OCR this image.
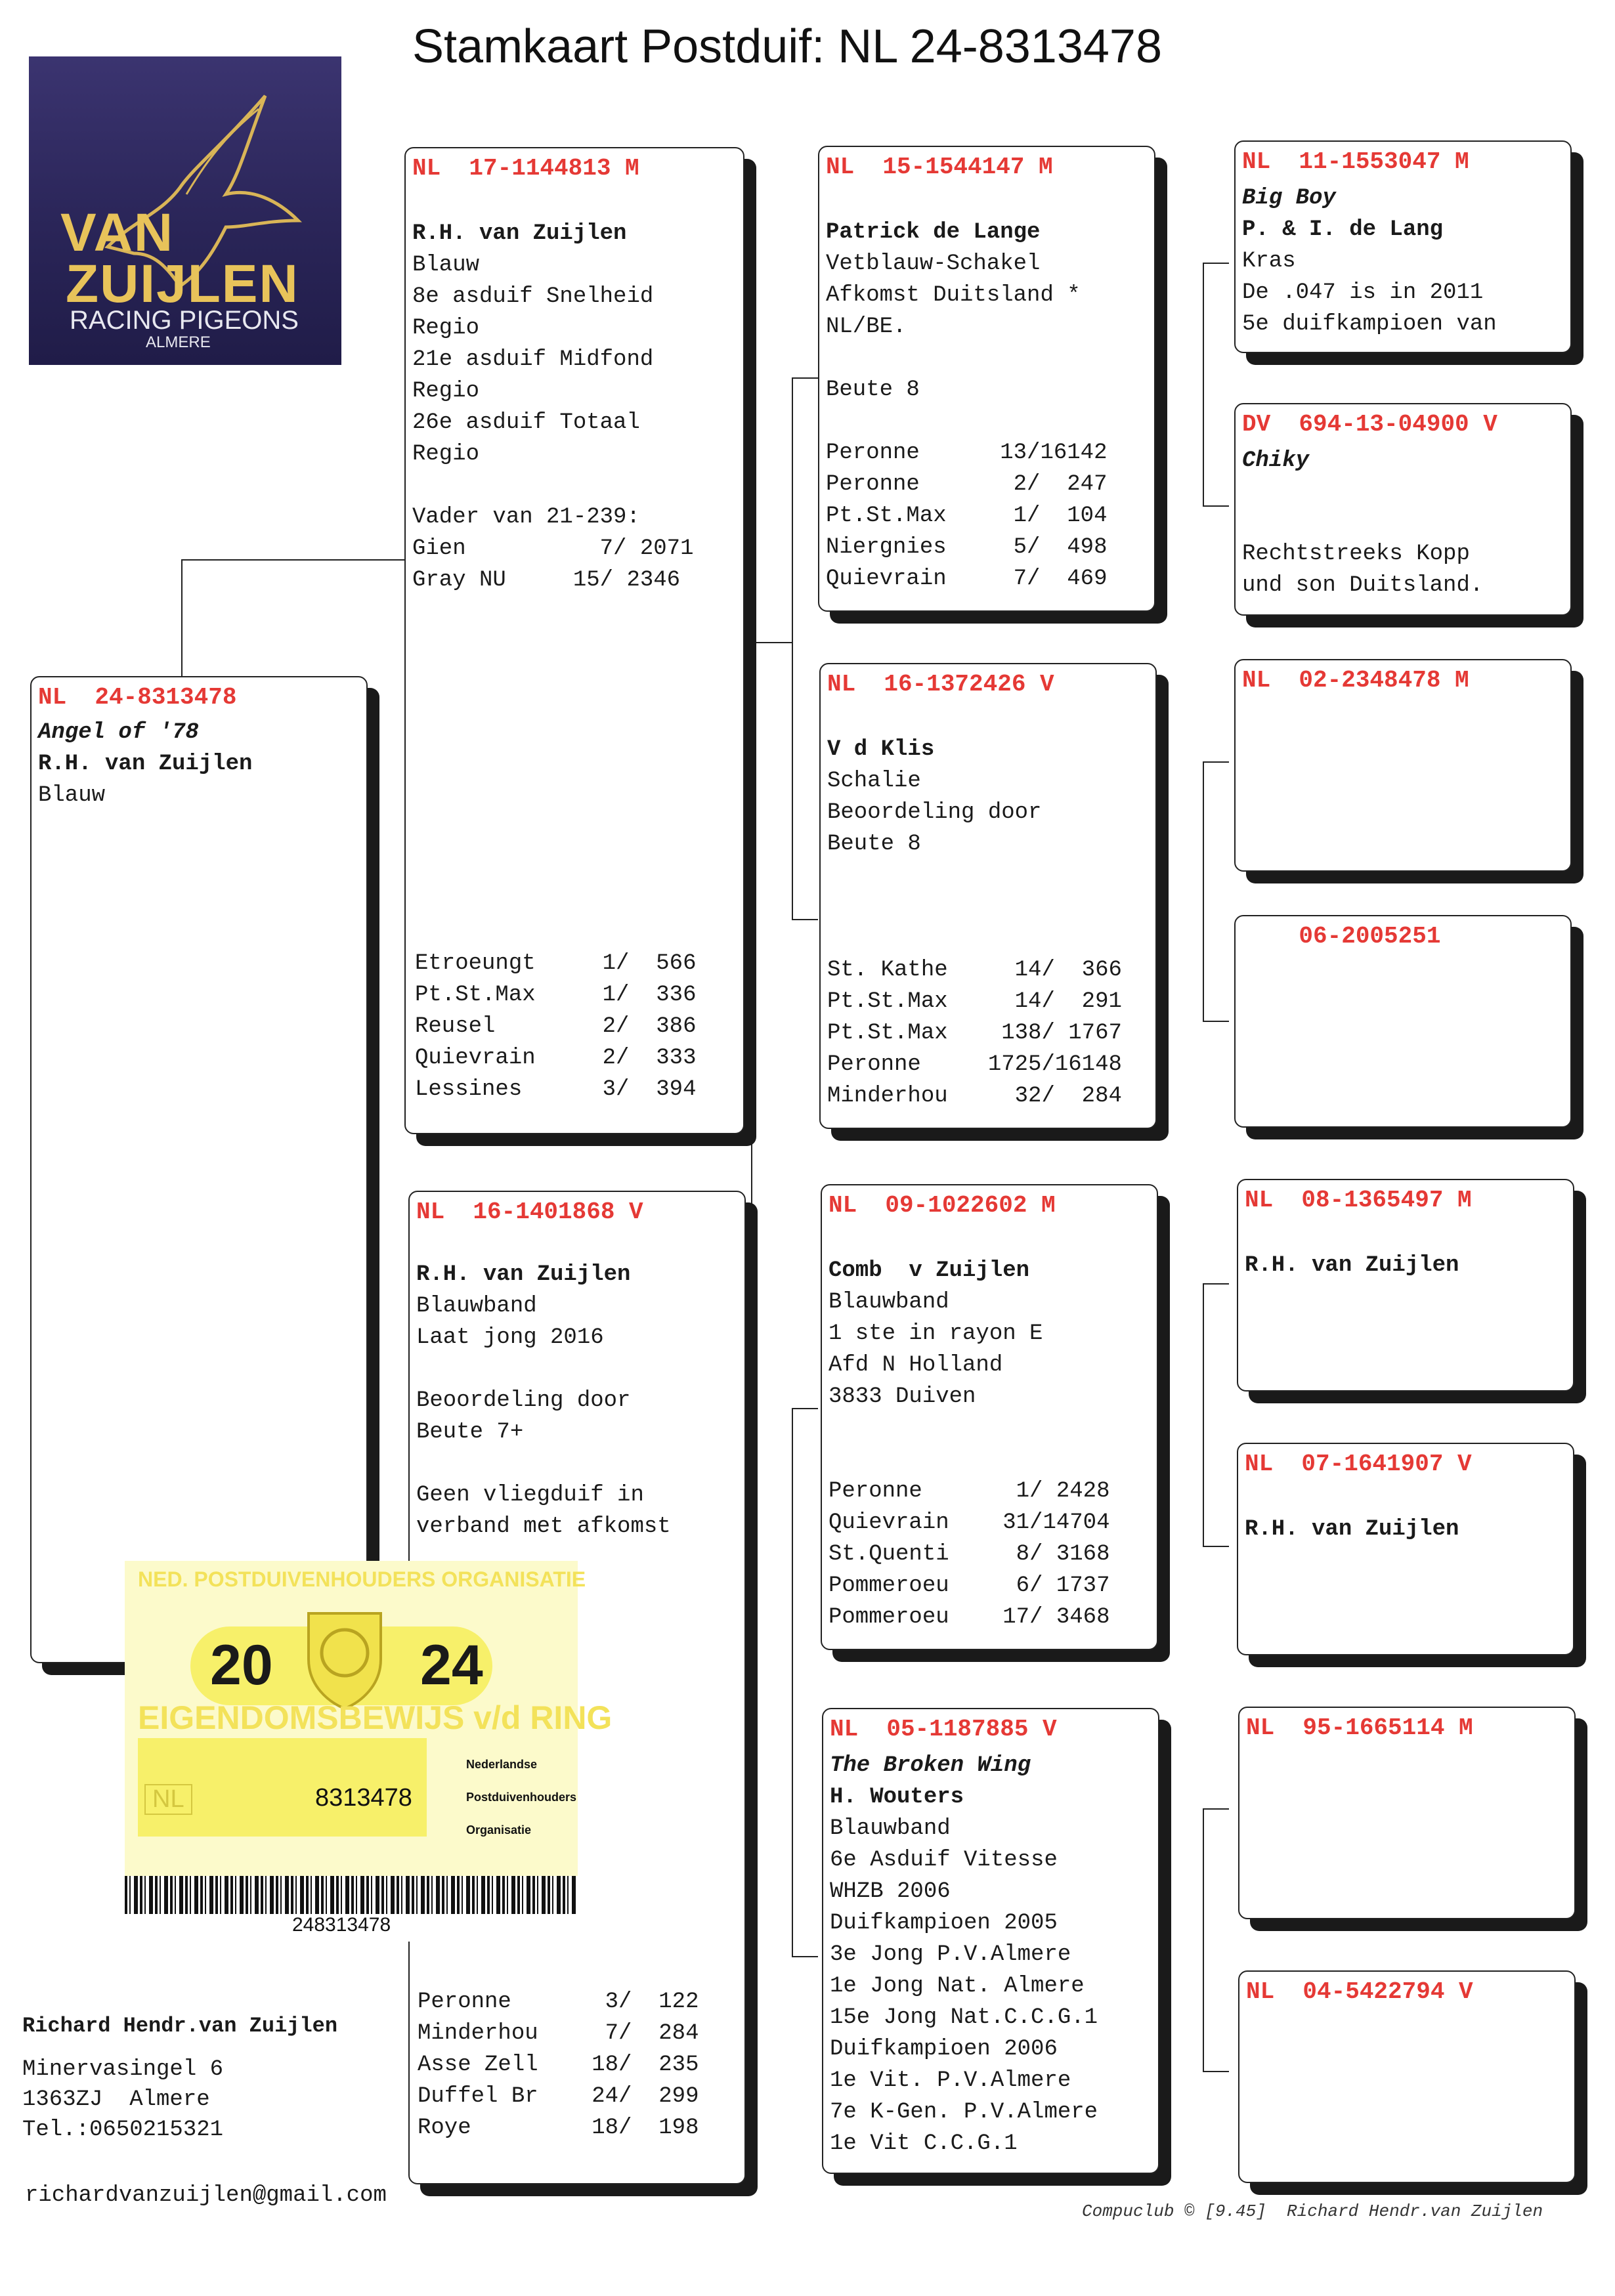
Stamkaart Postduif: NL 24-8313478
VAN
ZUIJLEN
RACING PIGEONS
ALMERE
NL  24-8313478
Angel of '78
R.H. van Zuijlen
Blauw
NL  17-1144813 M
R.H. van Zuijlen
Blauw
8e asduif Snelheid
Regio
21e asduif Midfond
Regio
26e asduif Totaal
Regio
Vader van 21-239:
Gien          7/ 2071
Gray NU     15/ 2346
Etroeungt     1/  566
Pt.St.Max     1/  336
Reusel        2/  386
Quievrain     2/  333
Lessines      3/  394
NL  16-1401868 V
R.H. van Zuijlen
Blauwband
Laat jong 2016
Beoordeling door
Beute 7+
Geen vliegduif in
verband met afkomst
Peronne       3/  122
Minderhou     7/  284
Asse Zell    18/  235
Duffel Br    24/  299
Roye         18/  198
NL  15-1544147 M
Patrick de Lange
Vetblauw-Schakel
Afkomst Duitsland *
NL/BE.
Beute 8
Peronne      13/16142
Peronne       2/  247
Pt.St.Max     1/  104
Niergnies     5/  498
Quievrain     7/  469
NL  16-1372426 V
V d Klis
Schalie
Beoordeling door
Beute 8
St. Kathe     14/  366
Pt.St.Max     14/  291
Pt.St.Max    138/ 1767
Peronne     1725/16148
Minderhou     32/  284
NL  09-1022602 M
Comb  v Zuijlen
Blauwband
1 ste in rayon E
Afd N Holland
3833 Duiven
Peronne       1/ 2428
Quievrain    31/14704
St.Quenti     8/ 3168
Pommeroeu     6/ 1737
Pommeroeu    17/ 3468
NL  05-1187885 V
The Broken Wing
H. Wouters
Blauwband
6e Asduif Vitesse
WHZB 2006
Duifkampioen 2005
3e Jong P.V.Almere
1e Jong Nat. Almere
15e Jong Nat.C.C.G.1
Duifkampioen 2006
1e Vit. P.V.Almere
7e K-Gen. P.V.Almere
1e Vit C.C.G.1
NL  11-1553047 M
Big Boy
P. & I. de Lang
Kras
De .047 is in 2011
5e duifkampioen van
DV  694-13-04900 V
Chiky
Rechtstreeks Kopp
und son Duitsland.
NL  02-2348478 M
06-2005251
NL  08-1365497 M
R.H. van Zuijlen
NL  07-1641907 V
R.H. van Zuijlen
NL  95-1665114 M
NL  04-5422794 V
NED. POSTDUIVENHOUDERS ORGANISATIE
20	24
EIGENDOMSBEWIJS v/d RING
NL	8313478
Nederlandse
Postduivenhouders
Organisatie
248313478
Richard Hendr.van Zuijlen
Minervasingel 6
1363ZJ  Almere
Tel.:0650215321
richardvanzuijlen@gmail.com
Compuclub © [9.45]  Richard Hendr.van Zuijlen
